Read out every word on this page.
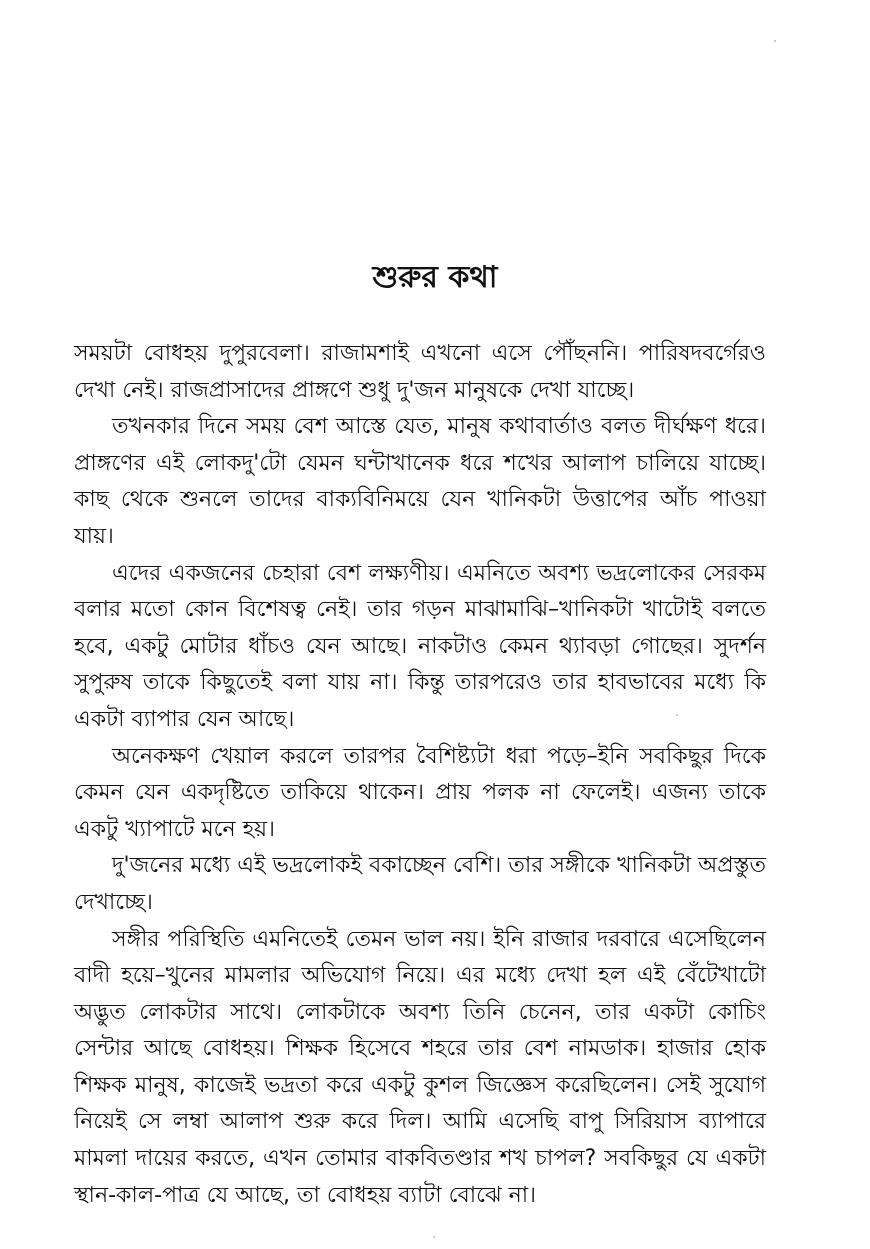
শুরুর কথা

সময়টা বোধহয় দুপুরবেলা। রাজামশাই এখনো এসে পৌঁছননি। পারিষদবর্গেরও দেখা নেই। রাজপ্রাসাদের প্রাঙ্গণে শুধু দু'জন মানুষকে দেখা যাচ্ছে।

তখনকার দিনে সময় বেশ আস্তে যেত, মানুষ কথাবার্তাও বলত দীর্ঘক্ষণ ধরে। প্রাঙ্গণের এই লোকদু'টো যেমন ঘন্টাখানেক ধরে শখের আলাপ চালিয়ে যাচ্ছে। কাছ থেকে শুনলে তাদের বাক্যবিনিময়ে যেন খানিকটা উত্তাপের আঁচ পাওয়া যায়।

এদের একজনের চেহারা বেশ লক্ষ্যণীয়। এমনিতে অবশ্য ভদ্রলোকের সেরকম বলার মতো কোন বিশেষত্ব নেই। তার গড়ন মাঝামাঝি–খানিকটা খাটোই বলতে হবে, একটু মোটার ধাঁচও যেন আছে। নাকটাও কেমন থ্যাবড়া গোছের। সুদর্শন সুপুরুষ তাকে কিছুতেই বলা যায় না। কিন্তু তারপরেও তার হাবভাবের মধ্যে কি একটা ব্যাপার যেন আছে।

অনেকক্ষণ খেয়াল করলে তারপর বৈশিষ্ট্যটা ধরা পড়ে–ইনি সবকিছুর দিকে কেমন যেন একদৃষ্টিতে তাকিয়ে থাকেন। প্রায় পলক না ফেলেই। এজন্য তাকে একটু খ্যাপাটে মনে হয়।

দু'জনের মধ্যে এই ভদ্রলোকই বকাচ্ছেন বেশি। তার সঙ্গীকে খানিকটা অপ্রস্তুত দেখাচ্ছে।

সঙ্গীর পরিস্থিতি এমনিতেই তেমন ভাল নয়। ইনি রাজার দরবারে এসেছিলেন বাদী হয়ে–খুনের মামলার অভিযোগ নিয়ে। এর মধ্যে দেখা হল এই বেঁটেখাটো অদ্ভুত লোকটার সাথে। লোকটাকে অবশ্য তিনি চেনেন, তার একটা কোচিং সেন্টার আছে বোধহয়। শিক্ষক হিসেবে শহরে তার বেশ নামডাক। হাজার হোক শিক্ষক মানুষ, কাজেই ভদ্রতা করে একটু কুশল জিজ্ঞেস করেছিলেন। সেই সুযোগ নিয়েই সে লম্বা আলাপ শুরু করে দিল। আমি এসেছি বাপু সিরিয়াস ব্যাপারে মামলা দায়ের করতে, এখন তোমার বাকবিতণ্ডার শখ চাপল? সবকিছুর যে একটা স্থান-কাল-পাত্র যে আছে, তা বোধহয় ব্যাটা বোঝে না।
